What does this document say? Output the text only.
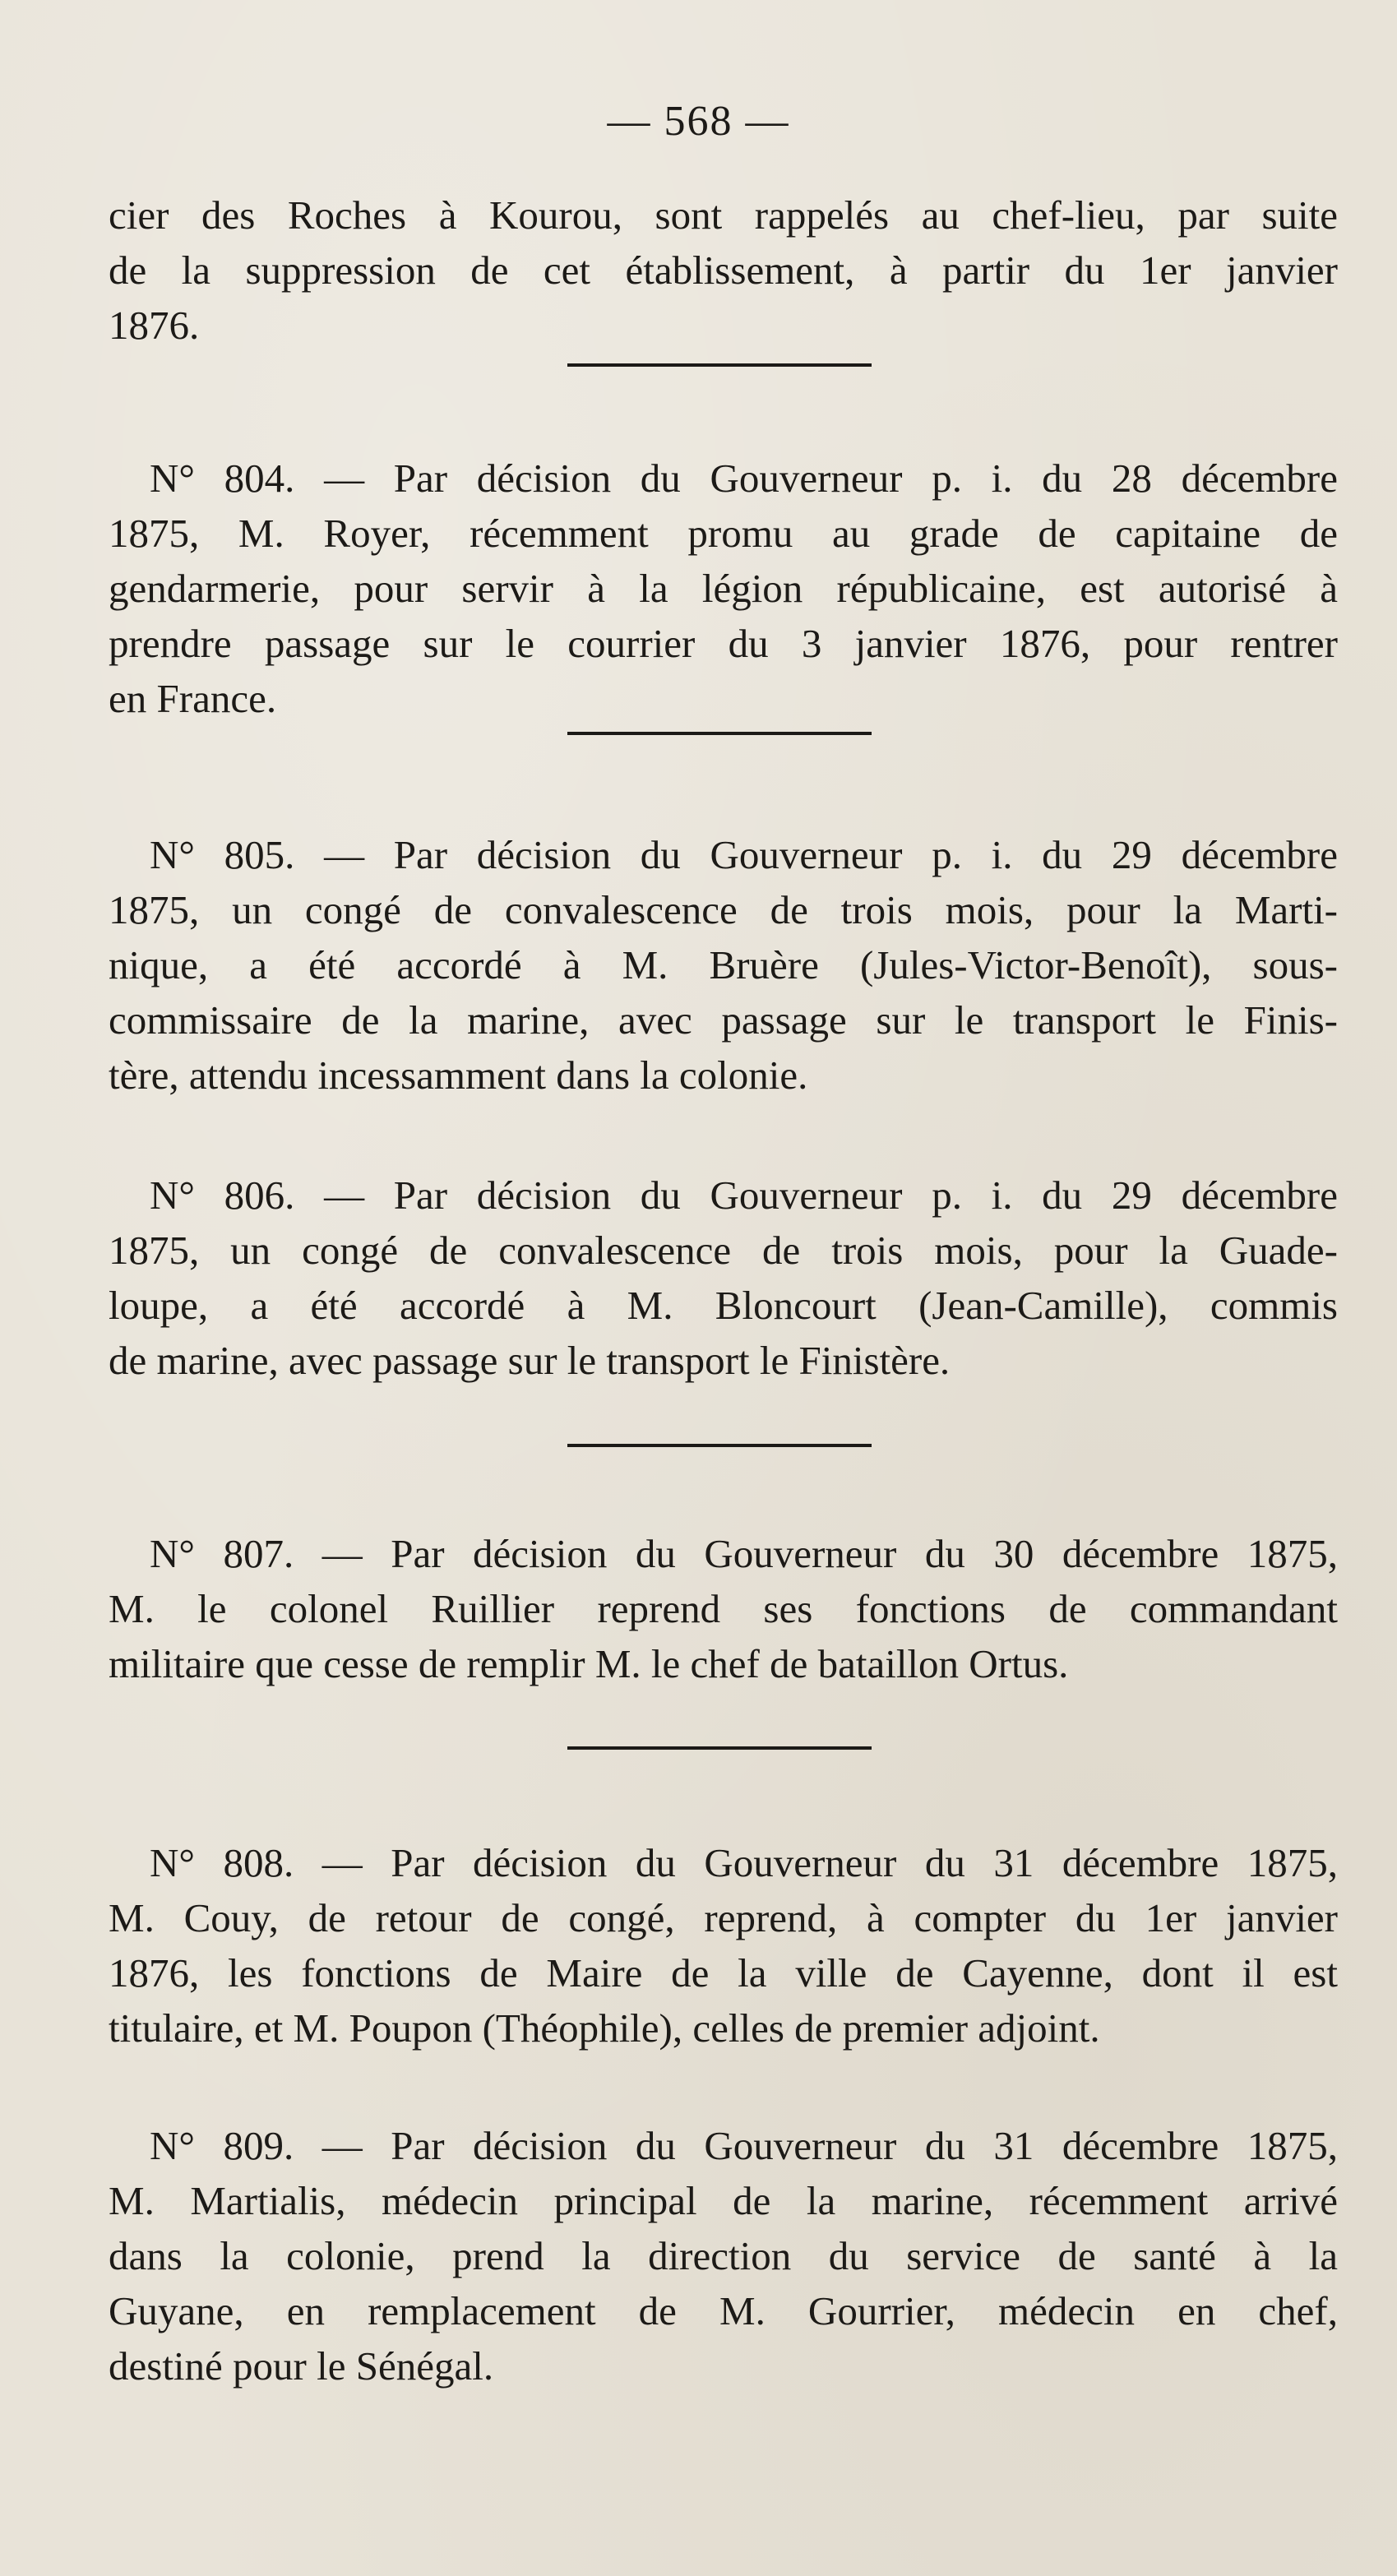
— 568 —
cier des Roches à Kourou, sont rappelés au chef-lieu, par suite
de la suppression de cet établissement, à partir du 1er janvier
1876.
N° 804. — Par décision du Gouverneur p. i. du 28 décembre
1875, M. Royer, récemment promu au grade de capitaine de
gendarmerie, pour servir à la légion républicaine, est autorisé à
prendre passage sur le courrier du 3 janvier 1876, pour rentrer
en France.
N° 805. — Par décision du Gouverneur p. i. du 29 décembre
1875, un congé de convalescence de trois mois, pour la Marti-
nique, a été accordé à M. Bruère (Jules-Victor-Benoît), sous-
commissaire de la marine, avec passage sur le transport le Finis-
tère, attendu incessamment dans la colonie.
N° 806. — Par décision du Gouverneur p. i. du 29 décembre
1875, un congé de convalescence de trois mois, pour la Guade-
loupe, a été accordé à M. Bloncourt (Jean-Camille), commis
de marine, avec passage sur le transport le Finistère.
N° 807. — Par décision du Gouverneur du 30 décembre 1875,
M. le colonel Ruillier reprend ses fonctions de commandant
militaire que cesse de remplir M. le chef de bataillon Ortus.
N° 808. — Par décision du Gouverneur du 31 décembre 1875,
M. Couy, de retour de congé, reprend, à compter du 1er janvier
1876, les fonctions de Maire de la ville de Cayenne, dont il est
titulaire, et M. Poupon (Théophile), celles de premier adjoint.
N° 809. — Par décision du Gouverneur du 31 décembre 1875,
M. Martialis, médecin principal de la marine, récemment arrivé
dans la colonie, prend la direction du service de santé à la
Guyane, en remplacement de M. Gourrier, médecin en chef,
destiné pour le Sénégal.
